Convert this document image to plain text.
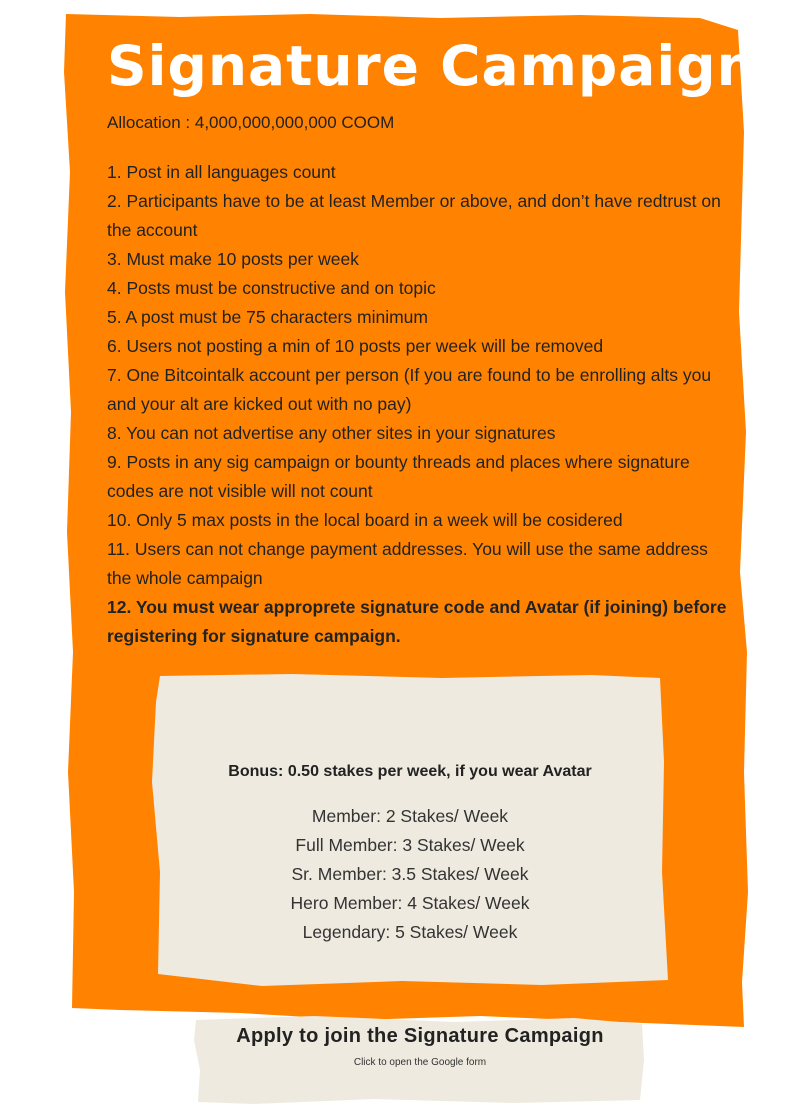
Signature Campaign
Allocation : 4,000,000,000,000 COOM
1. Post in all languages count
2. Participants have to be at least Member or above, and don’t have redtrust on the account
3. Must make 10 posts per week
4. Posts must be constructive and on topic
5. A post must be 75 characters minimum
6. Users not posting a min of 10 posts per week will be removed
7. One Bitcointalk account per person (If you are found to be enrolling alts you and your alt are kicked out with no pay)
8. You can not advertise any other sites in your signatures
9. Posts in any sig campaign or bounty threads and places where signature codes are not visible will not count
10. Only 5 max posts in the local board in a week will be cosidered
11. Users can not change payment addresses. You will use the same address the whole campaign
12. You must wear approprete signature code and Avatar (if joining) before registering for signature campaign.
Bonus: 0.50 stakes per week, if you wear Avatar
Member: 2 Stakes/ Week
Full Member: 3 Stakes/ Week
Sr. Member: 3.5 Stakes/ Week
Hero Member: 4 Stakes/ Week
Legendary: 5 Stakes/ Week
Apply to join the Signature Campaign
Click to open the Google form
